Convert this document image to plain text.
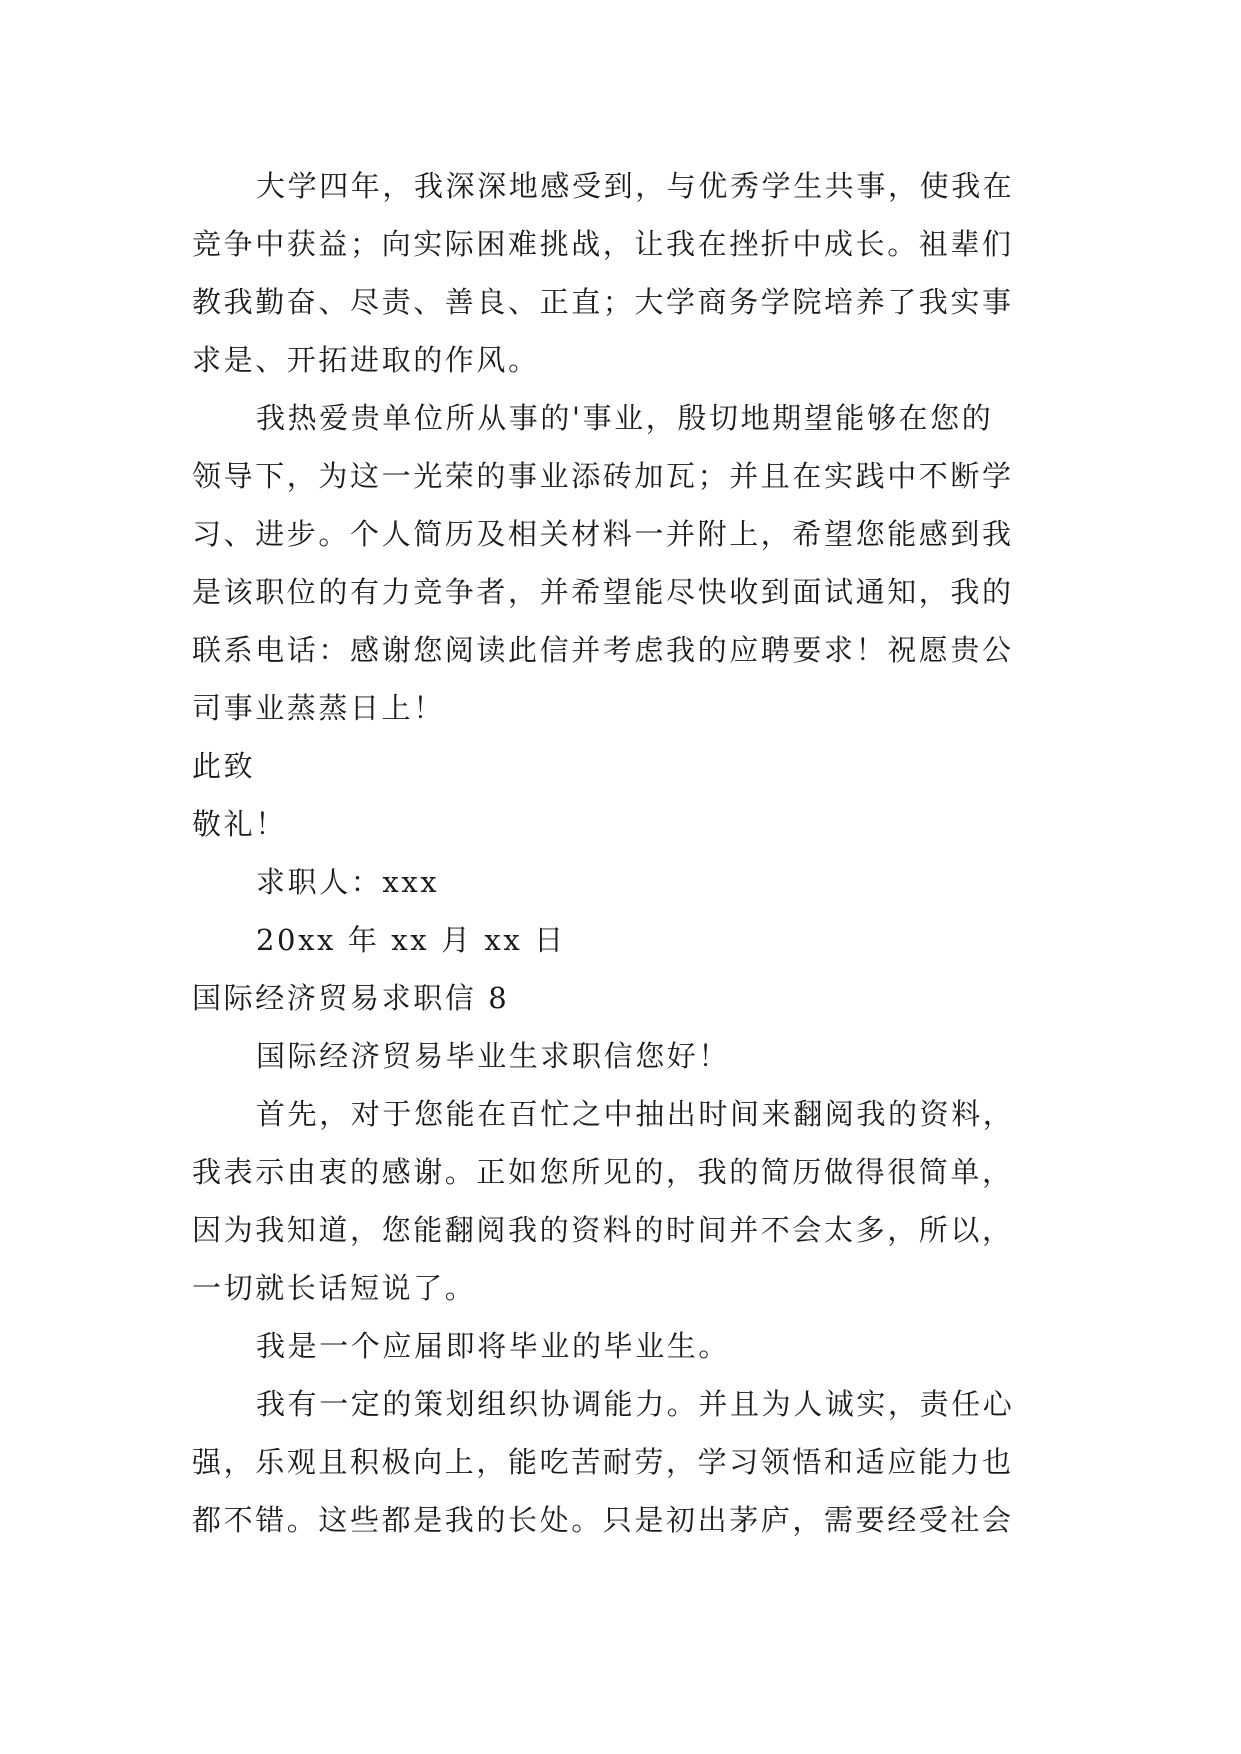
大学四年，我深深地感受到，与优秀学生共事，使我在
竞争中获益；向实际困难挑战，让我在挫折中成长。祖辈们
教我勤奋、尽责、善良、正直；大学商务学院培养了我实事
求是、开拓进取的作风。
我热爱贵单位所从事的'事业，殷切地期望能够在您的
领导下，为这一光荣的事业添砖加瓦；并且在实践中不断学
习、进步。个人简历及相关材料一并附上，希望您能感到我
是该职位的有力竞争者，并希望能尽快收到面试通知，我的
联系电话：感谢您阅读此信并考虑我的应聘要求！祝愿贵公
司事业蒸蒸日上！
此致
敬礼！
求职人：xxx
20xx 年 xx 月 xx 日
国际经济贸易求职信 8
国际经济贸易毕业生求职信您好！
首先，对于您能在百忙之中抽出时间来翻阅我的资料，
我表示由衷的感谢。正如您所见的，我的简历做得很简单，
因为我知道，您能翻阅我的资料的时间并不会太多，所以，
一切就长话短说了。
我是一个应届即将毕业的毕业生。
我有一定的策划组织协调能力。并且为人诚实，责任心
强，乐观且积极向上，能吃苦耐劳，学习领悟和适应能力也
都不错。这些都是我的长处。只是初出茅庐，需要经受社会
